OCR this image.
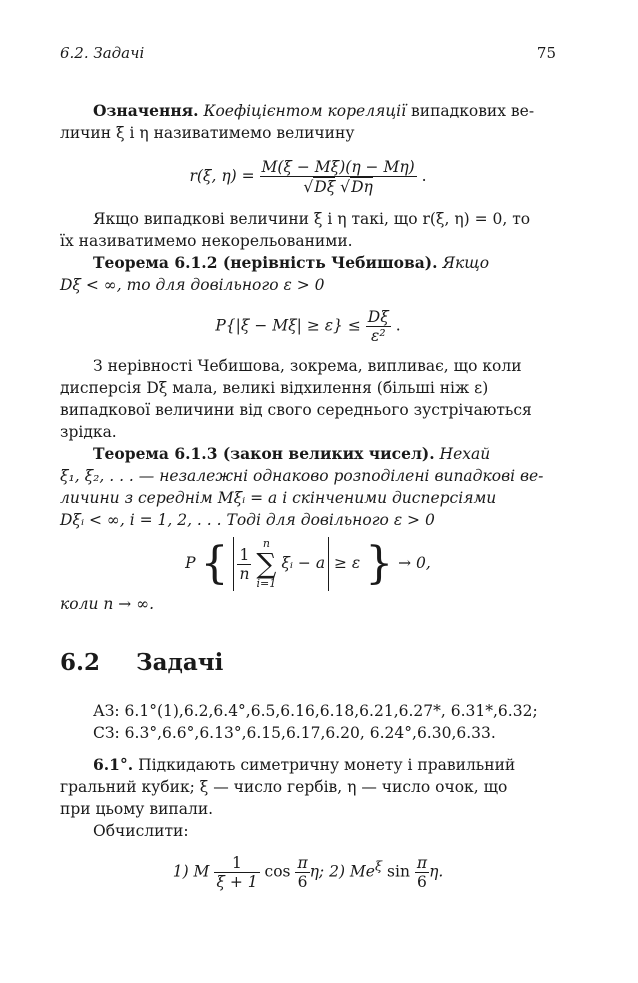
6.2. Задачі	75

Означення. Коефіцієнтом кореляції випадкових ве-

личин ξ і η називатимемо величину

r(ξ, $\eta) = \frac{M(\xi - M\xi)(\eta - M\eta)}{√D\xi √D\eta}$ .

Якщо випадкові величини ξ і η такі, що r(ξ, η) = 0, то

їх називатимемо некорельованими.

Теорема 6.1.2 (нерівність Чебишова). Якщо

Dξ < ∞, то для довільного ε > 0

$P\{|\xi - M\xi| \ge \varepsilon\} \le \frac{D\xi}{\text{ε²}}$ .

З нерівності Чебишова, зокрема, випливає, що коли

дисперсія Dξ мала, великі відхилення (більші ніж ε)

випадкової величини від свого середнього зустрічаються

зрідка.

Теорема 6.1.3 (закон великих чисел). Нехай

ξ₁, ξ₂, . . . — незалежні однаково розподілені випадкові ве-

личини з середнім Mξᵢ = a і скінченими дисперсіями

Dξᵢ < ∞, i = 1, 2, . . . Тоді для довільного ε > 0

P { $\frac{1}{n}$

n
∑
i=1
ξᵢ − a ≥ ε } → 0,

коли n → ∞.

6.2 Задачі

АЗ: 6.1°(1),6.2,6.4°,6.5,6.16,6.18,6.21,6.27*, 6.31*,6.32;

СЗ: 6.3°,6.6°,6.13°,6.15,6.17,6.20, 6.24°,6.30,6.33.

6.1°. Підкидають симетричну монету і правильний

гральний кубик; ξ — число гербів, η — число очок, що

при цьому випали.

Обчислити:

1) M $\frac{1}{\xi + 1}$ $\cos \frac{\pi}{6} \eta$; 2) $Me^\xi$ $\sin \frac{\pi}{6} \eta$.
